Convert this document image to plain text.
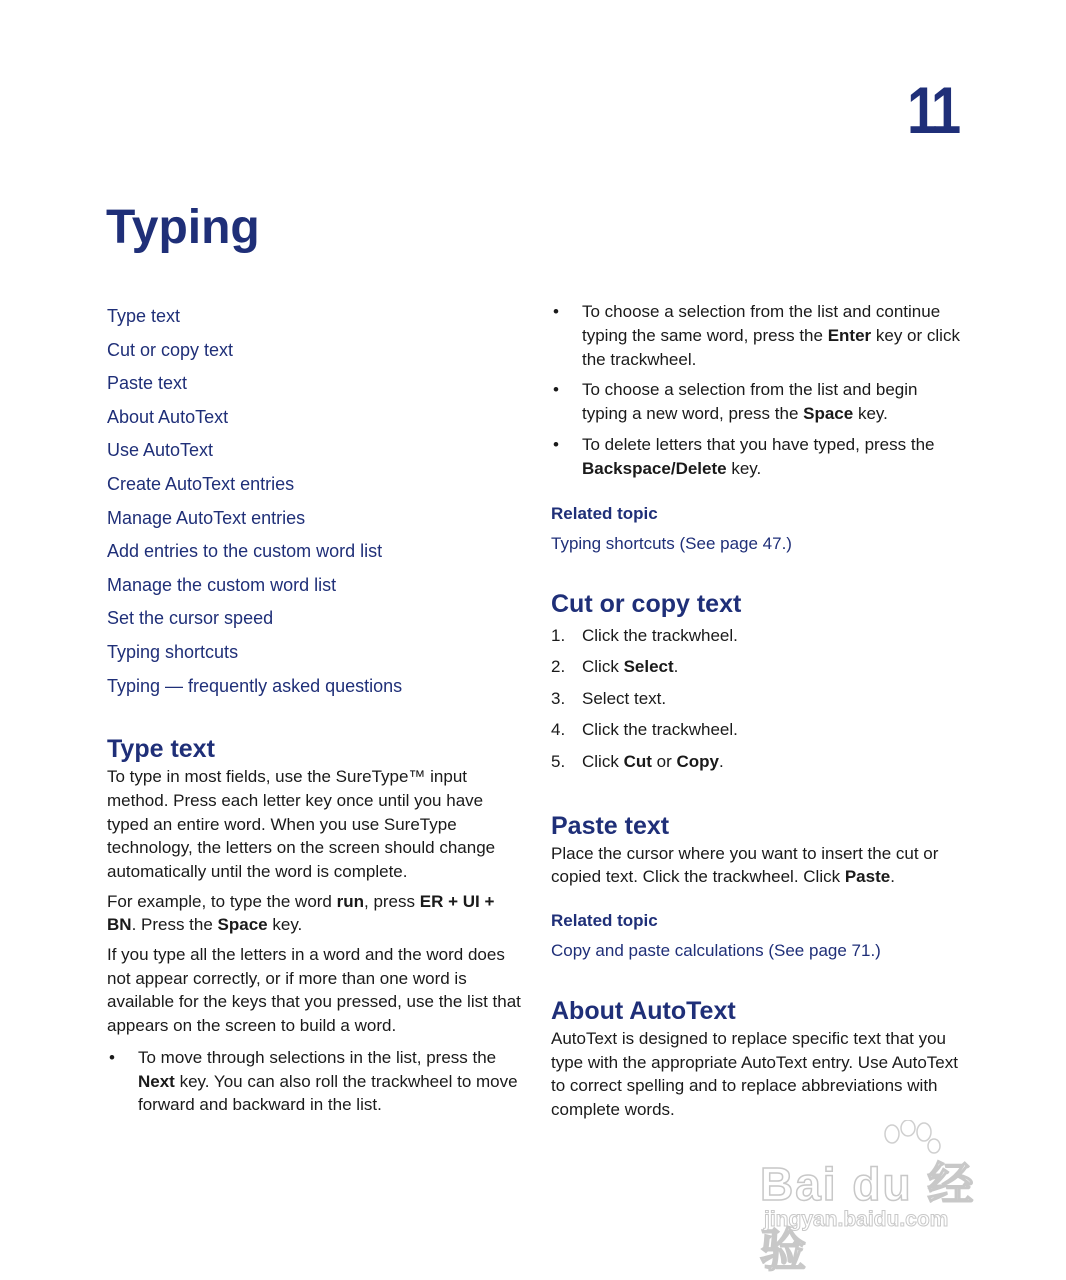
11
Typing
Type text
Cut or copy text
Paste text
About AutoText
Use AutoText
Create AutoText entries
Manage AutoText entries
Add entries to the custom word list
Manage the custom word list
Set the cursor speed
Typing shortcuts
Typing — frequently asked questions
Type text

To type in most fields, use the SureType™ input method. Press each letter key once until you have typed an entire word. When you use SureType technology, the letters on the screen should change automatically until the word is complete.

For example, to type the word run, press ER + UI + BN. Press the Space key.

If you type all the letters in a word and the word does not appear correctly, or if more than one word is available for the keys that you pressed, use the list that appears on the screen to build a word.

• To move through selections in the list, press the Next key. You can also roll the trackwheel to move forward and backward in the list.
• To choose a selection from the list and continue typing the same word, press the Enter key or click the trackwheel.
• To choose a selection from the list and begin typing a new word, press the Space key.
• To delete letters that you have typed, press the Backspace/Delete key.
Related topic
Typing shortcuts (See page 47.)
Cut or copy text
1. Click the trackwheel.
2. Click Select.
3. Select text.
4. Click the trackwheel.
5. Click Cut or Copy.
Paste text

Place the cursor where you want to insert the cut or copied text. Click the trackwheel. Click Paste.

Related topic
Copy and paste calculations (See page 71.)
About AutoText

AutoText is designed to replace specific text that you type with the appropriate AutoText entry. Use AutoText to correct spelling and to replace abbreviations with complete words.

Bai du 经验
jingyan.baidu.com
